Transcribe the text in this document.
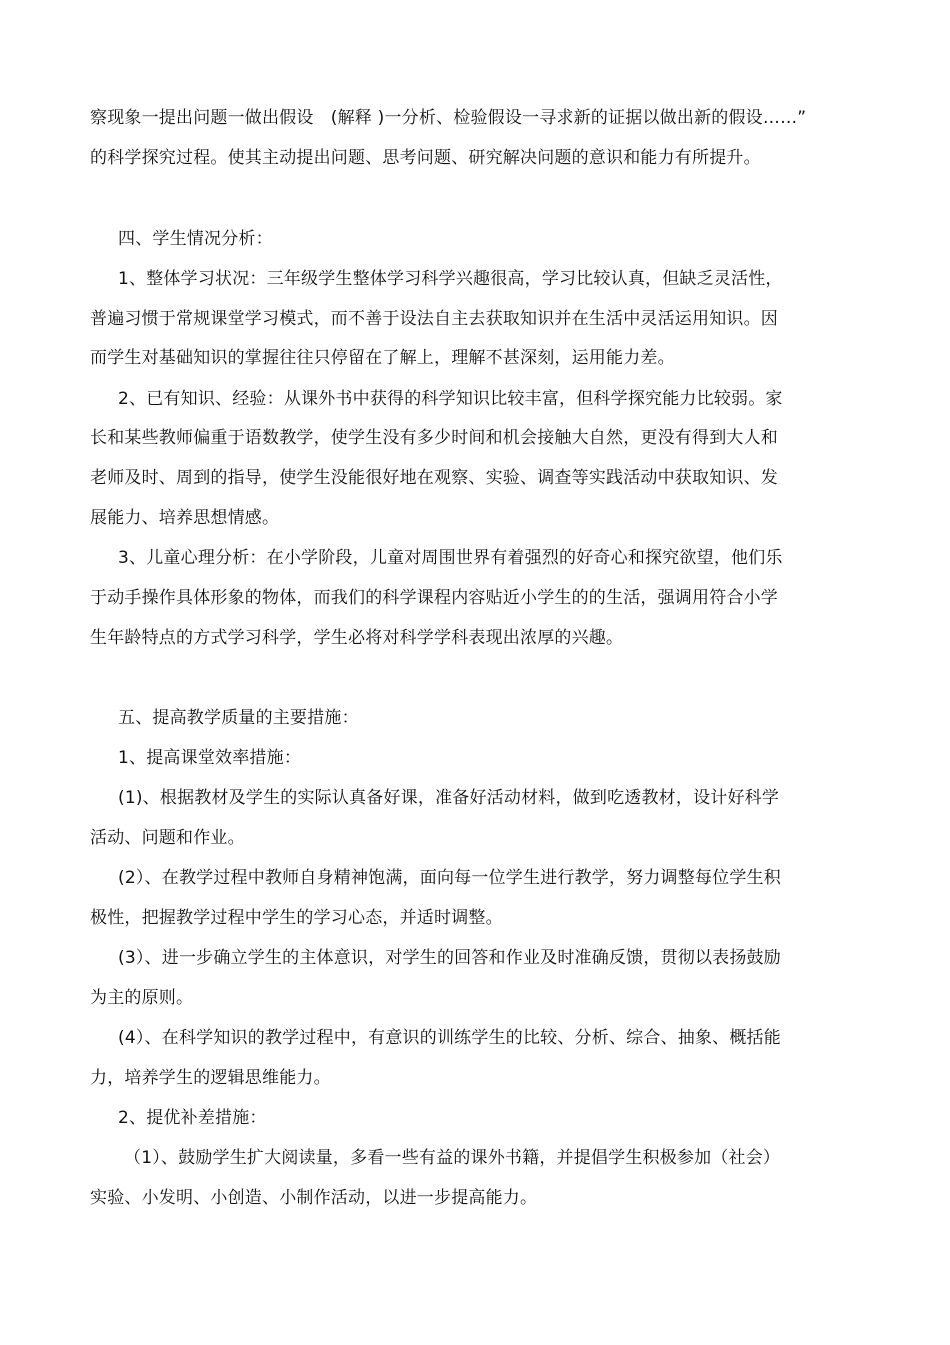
察现象一提出问题一做出假设　(解释 )一分析、检验假设一寻求新的证据以做出新的假设……”
的科学探究过程。使其主动提出问题、思考问题、研究解决问题的意识和能力有所提升。
四、学生情况分析：
1、整体学习状况：三年级学生整体学习科学兴趣很高，学习比较认真，但缺乏灵活性，
普遍习惯于常规课堂学习模式，而不善于设法自主去获取知识并在生活中灵活运用知识。因
而学生对基础知识的掌握往往只停留在了解上，理解不甚深刻，运用能力差。
2、已有知识、经验：从课外书中获得的科学知识比较丰富，但科学探究能力比较弱。家
长和某些教师偏重于语数教学，使学生没有多少时间和机会接触大自然，更没有得到大人和
老师及时、周到的指导，使学生没能很好地在观察、实验、调查等实践活动中获取知识、发
展能力、培养思想情感。
3、儿童心理分析：在小学阶段，儿童对周围世界有着强烈的好奇心和探究欲望，他们乐
于动手操作具体形象的物体，而我们的科学课程内容贴近小学生的的生活，强调用符合小学
生年龄特点的方式学习科学，学生必将对科学学科表现出浓厚的兴趣。
五、提高教学质量的主要措施：
1、提高课堂效率措施：
(1)、根据教材及学生的实际认真备好课，准备好活动材料，做到吃透教材，设计好科学
活动、问题和作业。
(2）、在教学过程中教师自身精神饱满，面向每一位学生进行教学，努力调整每位学生积
极性，把握教学过程中学生的学习心态，并适时调整。
(3）、进一步确立学生的主体意识，对学生的回答和作业及时准确反馈，贯彻以表扬鼓励
为主的原则。
(4）、在科学知识的教学过程中，有意识的训练学生的比较、分析、综合、抽象、概括能
力，培养学生的逻辑思维能力。
2、提优补差措施：
（1）、鼓励学生扩大阅读量，多看一些有益的课外书籍，并提倡学生积极参加（社会）
实验、小发明、小创造、小制作活动，以进一步提高能力。
